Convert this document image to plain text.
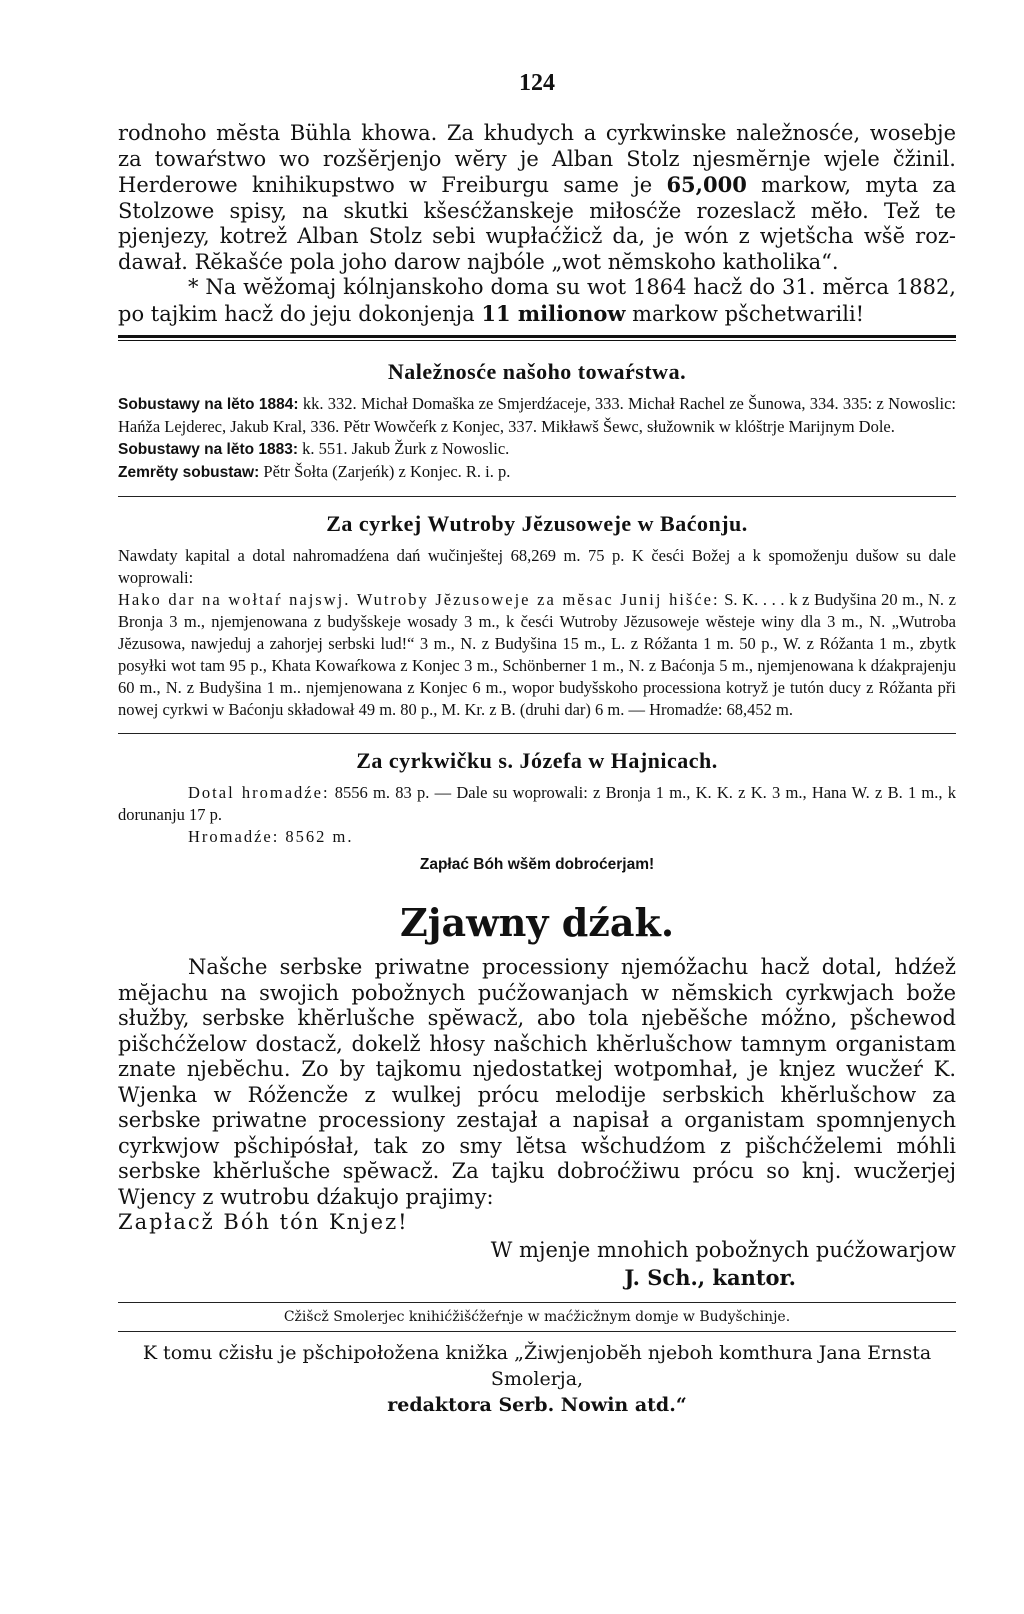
124

rodnoho mĕsta Bühla khowa. Za khudych a cyrkwinske naležnosće, wosebje za towaŕstwo wo rozšĕrjenjo wĕry je Alban Stolz njesmĕrnje wjele čžinil. Herderowe knihikupstwo w Freiburgu same je 65,000 markow, myta za Stolzowe spisy, na skutki kšesćžanskeje miłosćže rozeslacž mĕło. Tež te pjenjezy, kotrež Alban Stolz sebi wupłaćžicž da, je wón z wjetšcha wšĕ roz-dawał. Rĕkašće pola joho darow najbóle „wot nĕmskoho katholika“.

* Na wĕžomaj kólnjanskoho doma su wot 1864 hacž do 31. mĕrca 1882, po tajkim hacž do jeju dokonjenja 11 milionow markow pšchetwarili!

Naležnosće našoho towaŕstwa.

Sobustawy na lĕto 1884: kk. 332. Michał Domaška ze Smjerdźaceje, 333. Michał Rachel ze Šunowa, 334. 335: z Nowoslic: Hańža Lejderec, Jakub Kral, 336. Pětr Wowčeŕk z Konjec, 337. Mikławš Šewc, słužownik w klóštrje Marijnym Dole.

Sobustawy na lĕto 1883: k. 551. Jakub Žurk z Nowoslic.

Zemrĕty sobustaw: Pětr Šołta (Zarjeńk) z Konjec. R. i. p.

Za cyrkej Wutroby Jĕzusoweje w Baćonju.

Nawdaty kapital a dotal nahromadźena dań wučinještej 68,269 m. 75 p. K česći Božej a k spomoženju dušow su dale woprowali:

Hako dar na wołtaŕ najswj. Wutroby Jĕzusoweje za mĕsac Junij hišće: S. K. . . . k z Budyšina 20 m., N. z Bronja 3 m., njemjenowana z budyšskeje wosady 3 m., k česći Wutroby Jĕzusoweje wĕsteje winy dla 3 m., N. „Wutroba Jĕzusowa, nawjeduj a zahorjej serbski lud!“ 3 m., N. z Budyšina 15 m., L. z Róžanta 1 m. 50 p., W. z Róžanta 1 m., zbytk posyłki wot tam 95 p., Khata Kowaŕkowa z Konjec 3 m., Schönberner 1 m., N. z Baćonja 5 m., njemjenowana k dźakprajenju 60 m., N. z Budyšina 1 m.. njemjenowana z Konjec 6 m., wopor budyšskoho processiona kotryž je tutón ducy z Róžanta při nowej cyrkwi w Baćonju składował 49 m. 80 p., M. Kr. z B. (druhi dar) 6 m. — Hromadźe: 68,452 m.

Za cyrkwičku s. Józefa w Hajnicach.

Dotal hromadźe: 8556 m. 83 p. — Dale su woprowali: z Bronja 1 m., K. K. z K. 3 m., Hana W. z B. 1 m., k dorunanju 17 p.

Hromadźe: 8562 m.

Zapłać Bóh wšĕm dobroćerjam!

Zjawny dźak.

Našche serbske priwatne processiony njemóžachu hacž dotal, hdźež mĕjachu na swojich pobožnych pućžowanjach w nĕmskich cyrkwjach bože słužby, serbske khĕrlušche spĕwacž, abo tola njebĕšche móžno, pšchewod pišchćželow dostacž, dokelž hłosy našchich khĕrlušchow tamnym organistam znate njebĕchu. Zo by tajkomu njedostatkej wotpomhał, je knjez wucžeŕ K. Wjenka w Róžencže z wulkej prócu melodije serbskich khĕrlušchow za serbske priwatne processiony zestajał a napisał a organistam spomnjenych cyrkwjow pšchipósłał, tak zo smy lĕtsa wšchudźom z pišchćželemi móhli serbske khĕrlušche spĕwacž. Za tajku dobroćžiwu prócu so knj. wucžerjej Wjency z wutrobu dźakujo prajimy:

Zapłacž Bóh tón Knjez!

W mjenje mnohich pobožnych pućžowarjow
J. Sch., kantor.
Cžišcž Smolerjec knihićžišćžeŕnje w maćžicžnym domje w Budyšchinje.
K tomu cžisłu je pšchipołožena knižka „Žiwjenjobĕh njeboh komthura Jana Ernsta Smolerja,
redaktora Serb. Nowin atd.“
